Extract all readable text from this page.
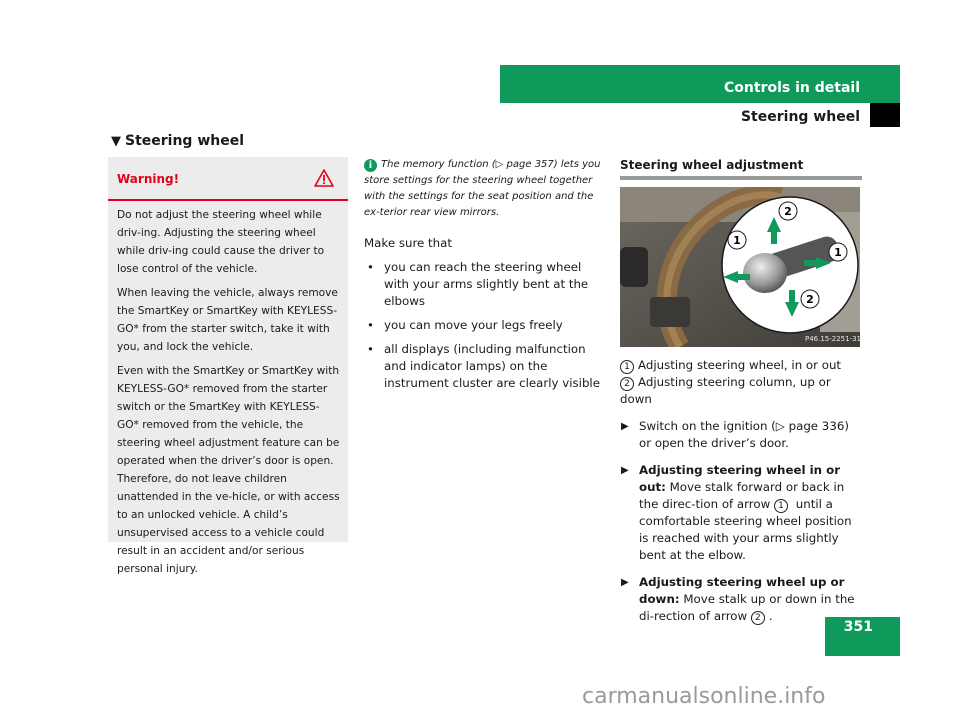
Controls in detail
Steering wheel
▼ Steering wheel
Warning!

Do not adjust the steering wheel while driv-ing. Adjusting the steering wheel while driv-ing could cause the driver to lose control of the vehicle.

When leaving the vehicle, always remove the SmartKey or SmartKey with KEYLESS-GO* from the starter switch, take it with you, and lock the vehicle.

Even with the SmartKey or SmartKey with KEYLESS-GO* removed from the starter switch or the SmartKey with KEYLESS-GO* removed from the vehicle, the steering wheel adjustment feature can be operated when the driver’s door is open. Therefore, do not leave children unattended in the ve-hicle, or with access to an unlocked vehicle. A child’s unsupervised access to a vehicle could result in an accident and/or serious personal injury.

i The memory function (▷ page 357) lets you store settings for the steering wheel together with the settings for the seat position and the ex-terior rear view mirrors.
Make sure that
• you can reach the steering wheel with your arms slightly bent at the elbows
• you can move your legs freely
• all displays (including malfunction and indicator lamps) on the instrument cluster are clearly visible
Steering wheel adjustment
1
1
2
2
P46.15-2251-31
1 Adjusting steering wheel, in or out
2 Adjusting steering column, up or down
▶ Switch on the ignition (▷ page 336) or open the driver’s door.
▶ Adjusting steering wheel in or out: Move stalk forward or back in the direc-tion of arrow 1 until a comfortable steering wheel position is reached with your arms slightly bent at the elbow.
▶ Adjusting steering wheel up or down: Move stalk up or down in the di-rection of arrow 2 .
351
carmanualsonline.info
